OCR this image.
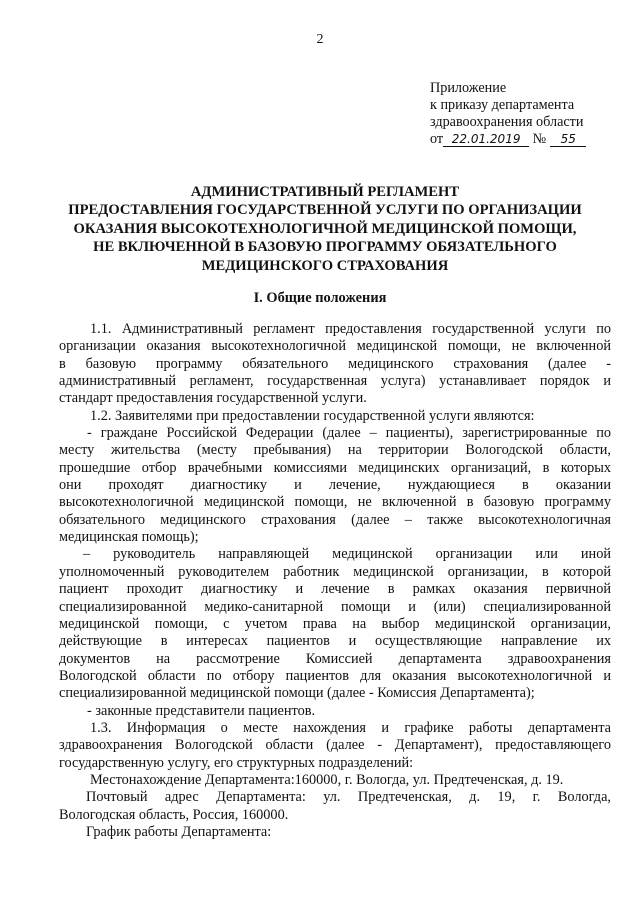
2
Приложение
к приказу департамента
здравоохранения области
от 22.01.2019 № 55
АДМИНИСТРАТИВНЫЙ РЕГЛАМЕНТ
ПРЕДОСТАВЛЕНИЯ ГОСУДАРСТВЕННОЙ УСЛУГИ ПО ОРГАНИЗАЦИИ
ОКАЗАНИЯ ВЫСОКОТЕХНОЛОГИЧНОЙ МЕДИЦИНСКОЙ ПОМОЩИ,
НЕ ВКЛЮЧЕННОЙ В БАЗОВУЮ ПРОГРАММУ ОБЯЗАТЕЛЬНОГО
МЕДИЦИНСКОГО СТРАХОВАНИЯ
I. Общие положения

1.1. Административный регламент предоставления государственной услуги по

организации оказания высокотехнологичной медицинской помощи, не включенной

в базовую программу обязательного медицинского страхования (далее -

административный регламент, государственная услуга) устанавливает порядок и

стандарт предоставления государственной услуги.

1.2. Заявителями при предоставлении государственной услуги являются:

- граждане Российской Федерации (далее – пациенты), зарегистрированные по

месту жительства (месту пребывания) на территории Вологодской области,

прошедшие отбор врачебными комиссиями медицинских организаций, в которых

они проходят диагностику и лечение, нуждающиеся в оказании

высокотехнологичной медицинской помощи, не включенной в базовую программу

обязательного медицинского страхования (далее – также высокотехнологичная

медицинская помощь);

– руководитель направляющей медицинской организации или иной

уполномоченный руководителем работник медицинской организации, в которой

пациент проходит диагностику и лечение в рамках оказания первичной

специализированной медико-санитарной помощи и (или) специализированной

медицинской помощи, с учетом права на выбор медицинской организации,

действующие в интересах пациентов и осуществляющие направление их

документов на рассмотрение Комиссией департамента здравоохранения

Вологодской области по отбору пациентов для оказания высокотехнологичной и

специализированной медицинской помощи (далее - Комиссия Департамента);

- законные представители пациентов.

1.3. Информация о месте нахождения и графике работы департамента

здравоохранения Вологодской области (далее - Департамент), предоставляющего

государственную услугу, его структурных подразделений:

Местонахождение Департамента:160000, г. Вологда, ул. Предтеченская, д. 19.

Почтовый адрес Департамента: ул. Предтеченская, д. 19, г. Вологда,

Вологодская область, Россия, 160000.

График работы Департамента:
